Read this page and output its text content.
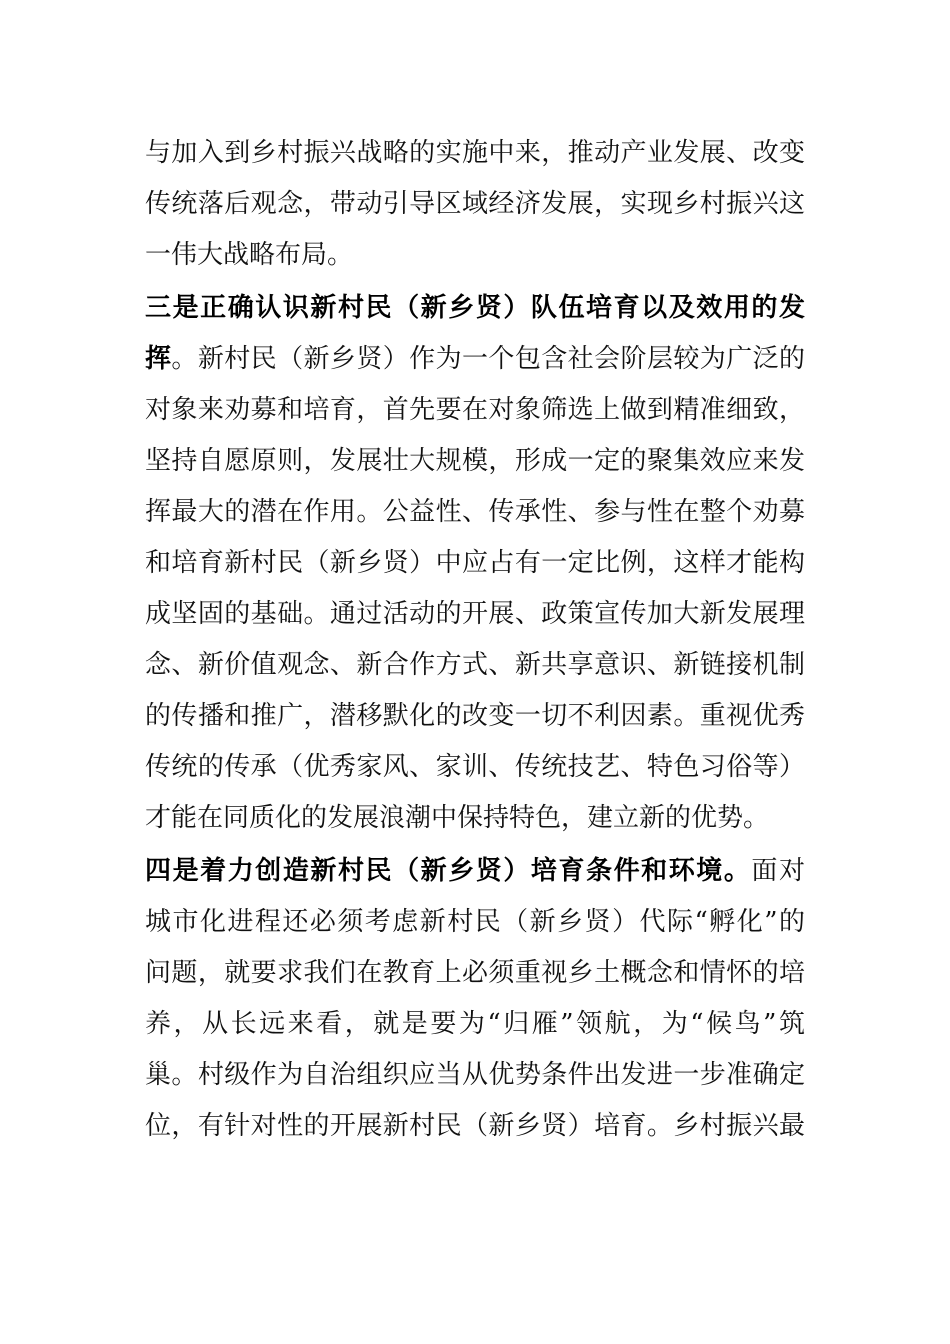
与加入到乡村振兴战略的实施中来，推动产业发展、改变
传统落后观念，带动引导区域经济发展，实现乡村振兴这
一伟大战略布局。
三是正确认识新村民（新乡贤）队伍培育以及效用的发
挥。新村民（新乡贤）作为一个包含社会阶层较为广泛的
对象来劝募和培育，首先要在对象筛选上做到精准细致，
坚持自愿原则，发展壮大规模，形成一定的聚集效应来发
挥最大的潜在作用。公益性、传承性、参与性在整个劝募
和培育新村民（新乡贤）中应占有一定比例，这样才能构
成坚固的基础。通过活动的开展、政策宣传加大新发展理
念、新价值观念、新合作方式、新共享意识、新链接机制
的传播和推广，潜移默化的改变一切不利因素。重视优秀
传统的传承（优秀家风、家训、传统技艺、特色习俗等）
才能在同质化的发展浪潮中保持特色，建立新的优势。
四是着力创造新村民（新乡贤）培育条件和环境。面对
城市化进程还必须考虑新村民（新乡贤）代际“孵化”的
问题，就要求我们在教育上必须重视乡土概念和情怀的培
养，从长远来看，就是要为“归雁”领航，为“候鸟”筑
巢。村级作为自治组织应当从优势条件出发进一步准确定
位，有针对性的开展新村民（新乡贤）培育。乡村振兴最
